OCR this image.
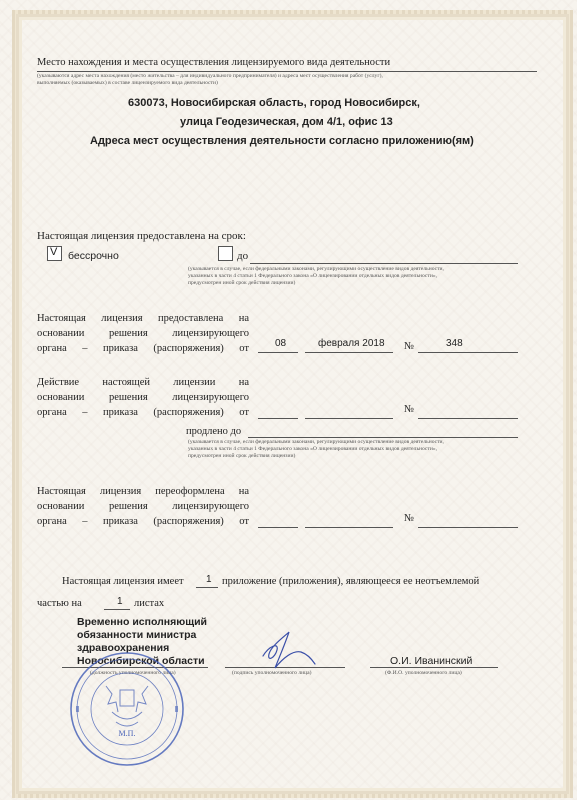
Место нахождения и места осуществления лицензируемого вида деятельности
(указываются адрес места нахождения (место жительства – для индивидуального предпринимателя) и адреса мест осуществления работ (услуг),
выполняемых (оказываемых) в составе лицензируемого вида деятельности)
630073, Новосибирская область, город Новосибирск,
улица Геодезическая, дом 4/1, офис 13
Адреса мест осуществления деятельности согласно приложению(ям)
Настоящая лицензия предоставлена на срок:
V бессрочно	до
(указывается в случае, если федеральными законами, регулирующими осуществление видов деятельности,
указанных в части 4 статьи 1 Федерального закона «О лицензировании отдельных видов деятельности»,
предусмотрен иной срок действия лицензии)
Настоящая лицензия предоставлена на
основании решения лицензирующего
органа – приказа (распоряжения) от	08	февраля 2018 №	348
Действие настоящей лицензии на
основании решения лицензирующего
органа – приказа (распоряжения) от	№
продлено до
(указывается в случае, если федеральными законами, регулирующими осуществление видов деятельности,
указанных в части 4 статьи 1 Федерального закона «О лицензировании отдельных видов деятельности»,
предусмотрен иной срок действия лицензии)
Настоящая лицензия переоформлена на
основании решения лицензирующего
органа – приказа (распоряжения) от	№
Настоящая лицензия имеет 1 приложение (приложения), являющееся ее неотъемлемой
частью на	1 листах
Временно исполняющий
обязанности министра
здравоохранения
Новосибирской области
(должность уполномоченного лица)	(подпись уполномоченного лица)
О.И. Иванинский
(Ф.И.О. уполномоченного лица)
М.П.
